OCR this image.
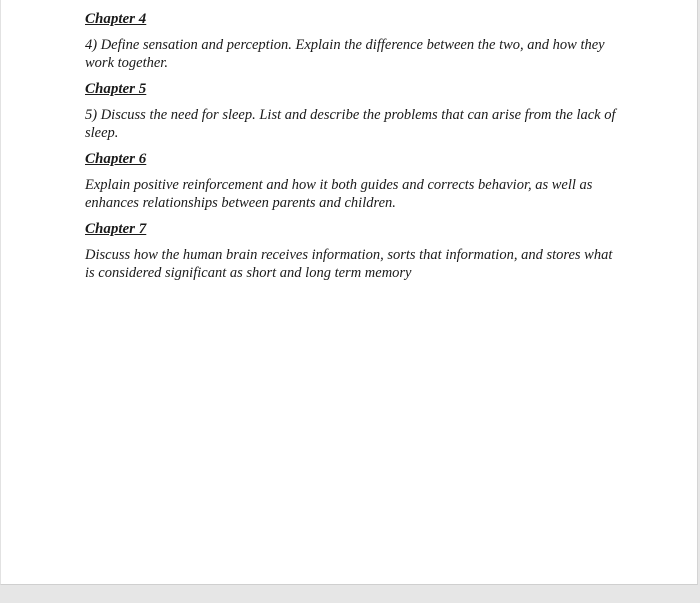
Chapter 4

4) Define sensation and perception. Explain the difference between the two, and how they work together.

Chapter 5

5) Discuss the need for sleep. List and describe the problems that can arise from the lack of sleep.

Chapter 6

Explain positive reinforcement and how it both guides and corrects behavior, as well as enhances relationships between parents and children.

Chapter 7

Discuss how the human brain receives information, sorts that information, and stores what is considered significant as short and long term memory
